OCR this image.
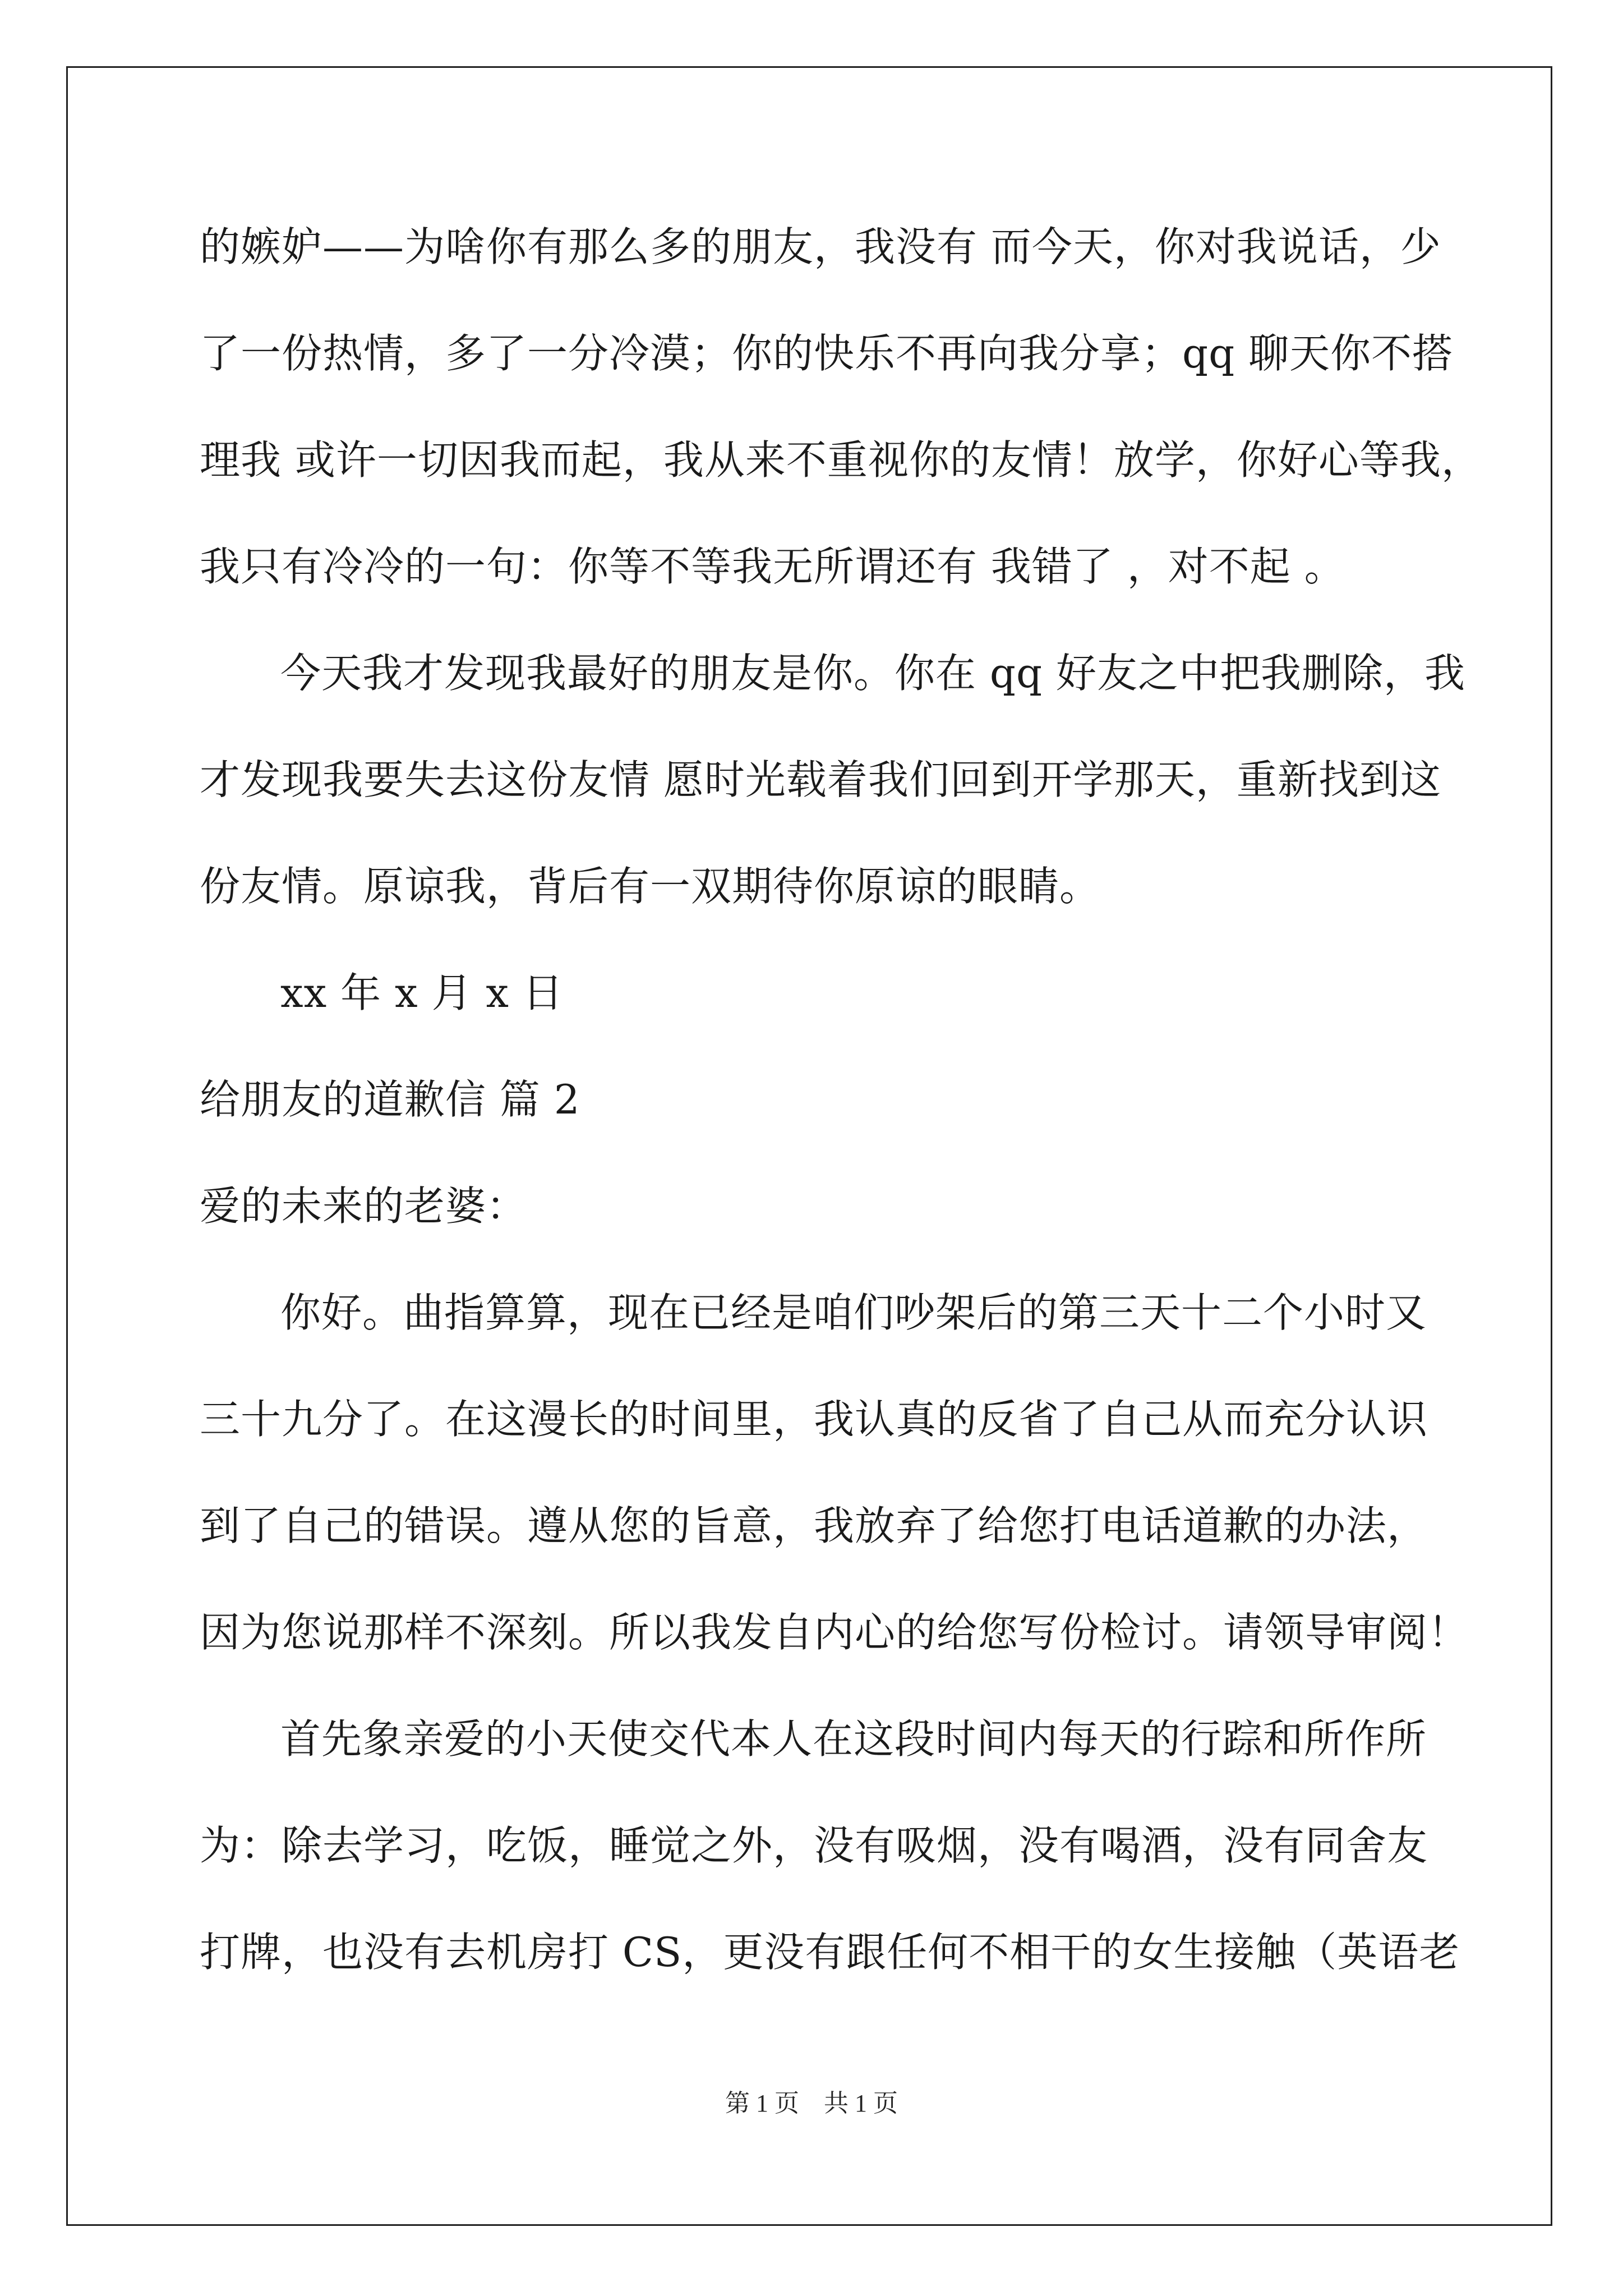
的嫉妒——为啥你有那么多的朋友，我没有 而今天，你对我说话，少
了一份热情，多了一分冷漠；你的快乐不再向我分享；qq 聊天你不搭
理我 或许一切因我而起，我从来不重视你的友情！放学，你好心等我，
我只有冷冷的一句：你等不等我无所谓还有 我错了 ，对不起 。
今天我才发现我最好的朋友是你。你在 qq 好友之中把我删除，我
才发现我要失去这份友情 愿时光载着我们回到开学那天，重新找到这
份友情。原谅我，背后有一双期待你原谅的眼睛。
xx 年 x 月 x 日
给朋友的道歉信 篇 2
爱的未来的老婆：
你好。曲指算算，现在已经是咱们吵架后的第三天十二个小时又
三十九分了。在这漫长的时间里，我认真的反省了自己从而充分认识
到了自己的错误。遵从您的旨意，我放弃了给您打电话道歉的办法，
因为您说那样不深刻。所以我发自内心的给您写份检讨。请领导审阅！
首先象亲爱的小天使交代本人在这段时间内每天的行踪和所作所
为：除去学习，吃饭，睡觉之外，没有吸烟，没有喝酒，没有同舍友
打牌，也没有去机房打 CS，更没有跟任何不相干的女生接触（英语老
第 1 页　共 1 页
